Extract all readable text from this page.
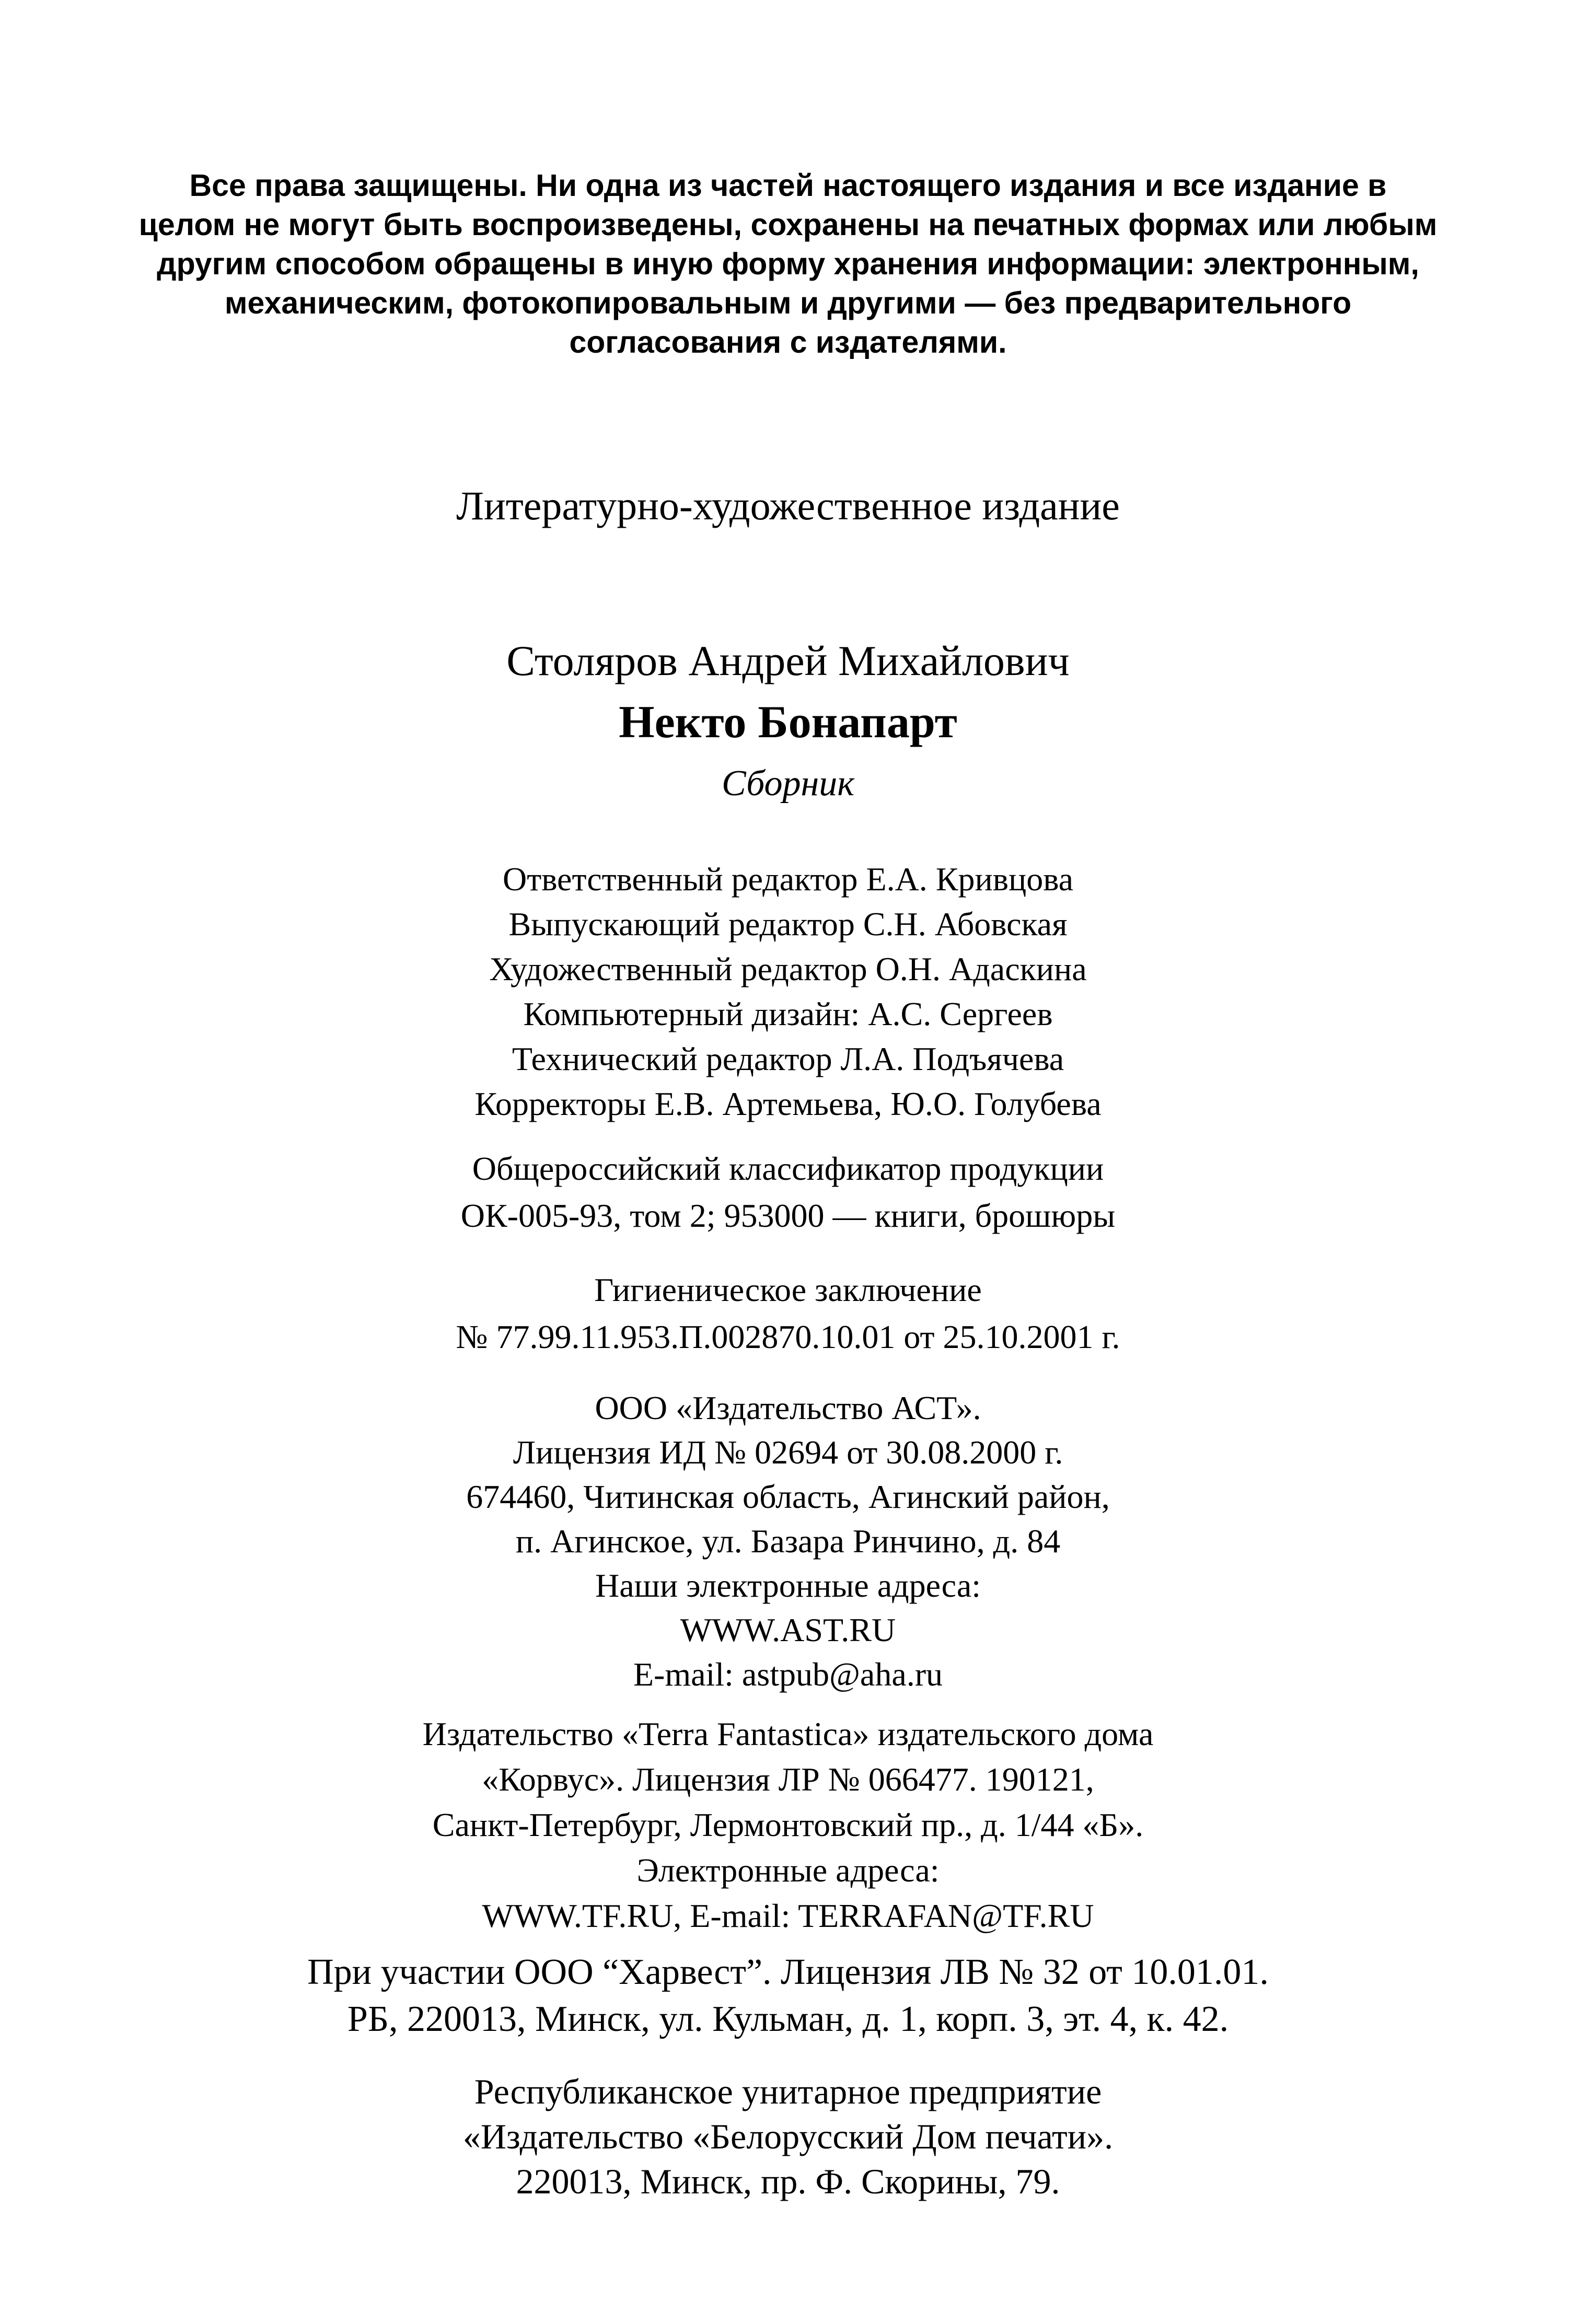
Все права защищены. Ни одна из частей настоящего издания и все издание в
целом не могут быть воспроизведены, сохранены на печатных формах или любым
другим способом обращены в иную форму хранения информации: электронным,
механическим, фотокопировальным и другими — без предварительного
согласования с издателями.
Литературно-художественное издание
Столяров Андрей Михайлович
Некто Бонапарт
Сборник
Ответственный редактор Е.А. Кривцова
Выпускающий редактор С.Н. Абовская
Художественный редактор О.Н. Адаскина
Компьютерный дизайн: А.С. Сергеев
Технический редактор Л.А. Подъячева
Корректоры Е.В. Артемьева, Ю.О. Голубева
Общероссийский классификатор продукции
ОК-005-93, том 2; 953000 — книги, брошюры
Гигиеническое заключение
№ 77.99.11.953.П.002870.10.01 от 25.10.2001 г.
ООО «Издательство АСТ».
Лицензия ИД № 02694 от 30.08.2000 г.
674460, Читинская область, Агинский район,
п. Агинское, ул. Базара Ринчино, д. 84
Наши электронные адреса:
WWW.AST.RU
E-mail: astpub@aha.ru
Издательство «Terra Fantastica» издательского дома
«Корвус». Лицензия ЛР № 066477. 190121,
Санкт-Петербург, Лермонтовский пр., д. 1/44 «Б».
Электронные адреса:
WWW.TF.RU, E-mail: TERRAFAN@TF.RU
При участии ООО “Харвест”. Лицензия ЛВ № 32 от 10.01.01.
РБ, 220013, Минск, ул. Кульман, д. 1, корп. 3, эт. 4, к. 42.
Республиканское унитарное предприятие
«Издательство «Белорусский Дом печати».
220013, Минск, пр. Ф. Скорины, 79.
